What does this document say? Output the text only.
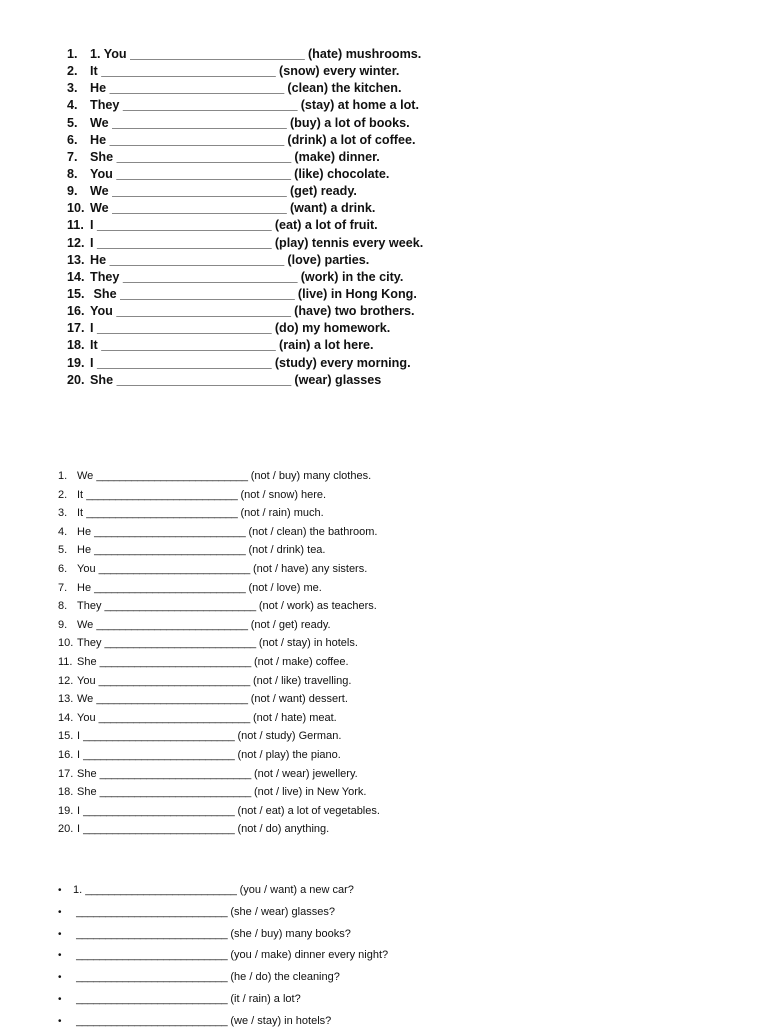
1. 1. You
__________________________
(hate) mushrooms.
2. It
__________________________
(snow) every winter.
3. He
__________________________
(clean) the kitchen.
4. They
__________________________
(stay) at home a lot.
5. We
__________________________
(buy) a lot of books.
6. He
__________________________
(drink) a lot of coffee.
7. She
__________________________
(make) dinner.
8. You
__________________________
(like) chocolate.
9. We
__________________________
(get) ready.
10. We
__________________________
(want) a drink.
11. I
__________________________
(eat) a lot of fruit.
12. I
__________________________
(play) tennis every week.
13. He
__________________________
(love) parties.
14. They
__________________________
(work) in the city.
15. She
__________________________
(live) in Hong Kong.
16. You
__________________________
(have) two brothers.
17. I
__________________________
(do) my homework.
18. It
__________________________
(rain) a lot here.
19. I
__________________________
(study) every morning.
20. She
__________________________
(wear) glasses
1. We
__________________________
(not / buy) many clothes.
2. It
__________________________
(not / snow) here.
3. It
__________________________
(not / rain) much.
4. He
__________________________
(not / clean) the bathroom.
5. He
__________________________
(not / drink) tea.
6. You
__________________________
(not / have) any sisters.
7. He
__________________________
(not / love) me.
8. They
__________________________
(not / work) as teachers.
9. We
__________________________
(not / get) ready.
10. They
__________________________
(not / stay) in hotels.
11. She
__________________________
(not / make) coffee.
12. You
__________________________
(not / like) travelling.
13. We
__________________________
(not / want) dessert.
14. You
__________________________
(not / hate) meat.
15. I
__________________________
(not / study) German.
16. I
__________________________
(not / play) the piano.
17. She
__________________________
(not / wear) jewellery.
18. She
__________________________
(not / live) in New York.
19. I
__________________________
(not / eat) a lot of vegetables.
20. I
__________________________
(not / do) anything.
•	1.
__________________________
(you / want) a new car?
•
	__________________________
(she / wear) glasses?
•
	__________________________
(she / buy) many books?
•
	__________________________
(you / make) dinner every night?
•
	__________________________
(he / do) the cleaning?
•
	__________________________
(it / rain) a lot?
•
	__________________________
(we / stay) in hotels?
